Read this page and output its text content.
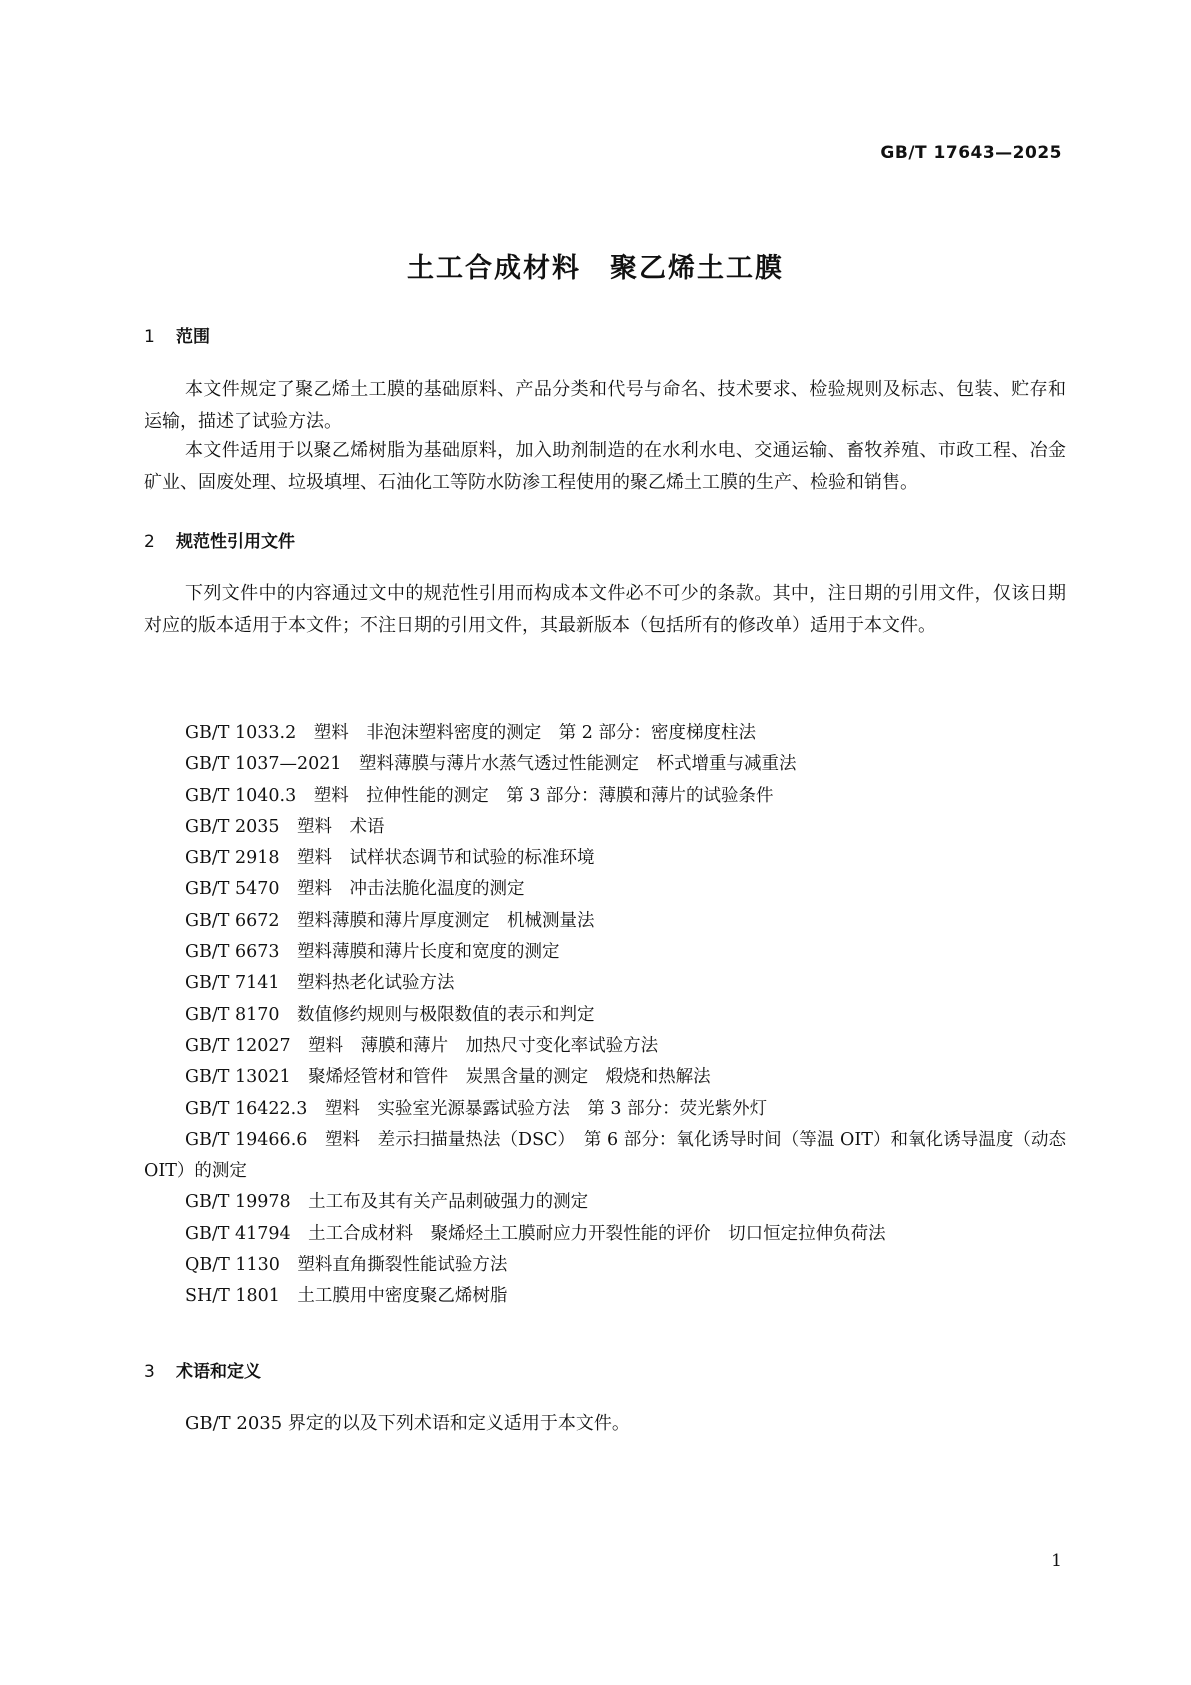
GB/T 17643—2025
土工合成材料　聚乙烯土工膜
1 范围

本文件规定了聚乙烯土工膜的基础原料、产品分类和代号与命名、技术要求、检验规则及标志、包装、贮存和运输，描述了试验方法。

本文件适用于以聚乙烯树脂为基础原料，加入助剂制造的在水利水电、交通运输、畜牧养殖、市政工程、冶金矿业、固废处理、垃圾填埋、石油化工等防水防渗工程使用的聚乙烯土工膜的生产、检验和销售。

2 规范性引用文件

下列文件中的内容通过文中的规范性引用而构成本文件必不可少的条款。其中，注日期的引用文件，仅该日期对应的版本适用于本文件；不注日期的引用文件，其最新版本（包括所有的修改单）适用于本文件。

GB/T 1033.2　塑料　非泡沫塑料密度的测定　第 2 部分：密度梯度柱法
GB/T 1037—2021　塑料薄膜与薄片水蒸气透过性能测定　杯式增重与减重法
GB/T 1040.3　塑料　拉伸性能的测定　第 3 部分：薄膜和薄片的试验条件
GB/T 2035　塑料　术语
GB/T 2918　塑料　试样状态调节和试验的标准环境
GB/T 5470　塑料　冲击法脆化温度的测定
GB/T 6672　塑料薄膜和薄片厚度测定　机械测量法
GB/T 6673　塑料薄膜和薄片长度和宽度的测定
GB/T 7141　塑料热老化试验方法
GB/T 8170　数值修约规则与极限数值的表示和判定
GB/T 12027　塑料　薄膜和薄片　加热尺寸变化率试验方法
GB/T 13021　聚烯烃管材和管件　炭黑含量的测定　煅烧和热解法
GB/T 16422.3　塑料　实验室光源暴露试验方法　第 3 部分：荧光紫外灯
GB/T 19466.6　塑料　差示扫描量热法（DSC）　第 6 部分：氧化诱导时间（等温 OIT）和氧化诱导温度（动态 OIT）的测定
GB/T 19978　土工布及其有关产品刺破强力的测定
GB/T 41794　土工合成材料　聚烯烃土工膜耐应力开裂性能的评价　切口恒定拉伸负荷法
QB/T 1130　塑料直角撕裂性能试验方法
SH/T 1801　土工膜用中密度聚乙烯树脂
3 术语和定义

GB/T 2035 界定的以及下列术语和定义适用于本文件。

1
